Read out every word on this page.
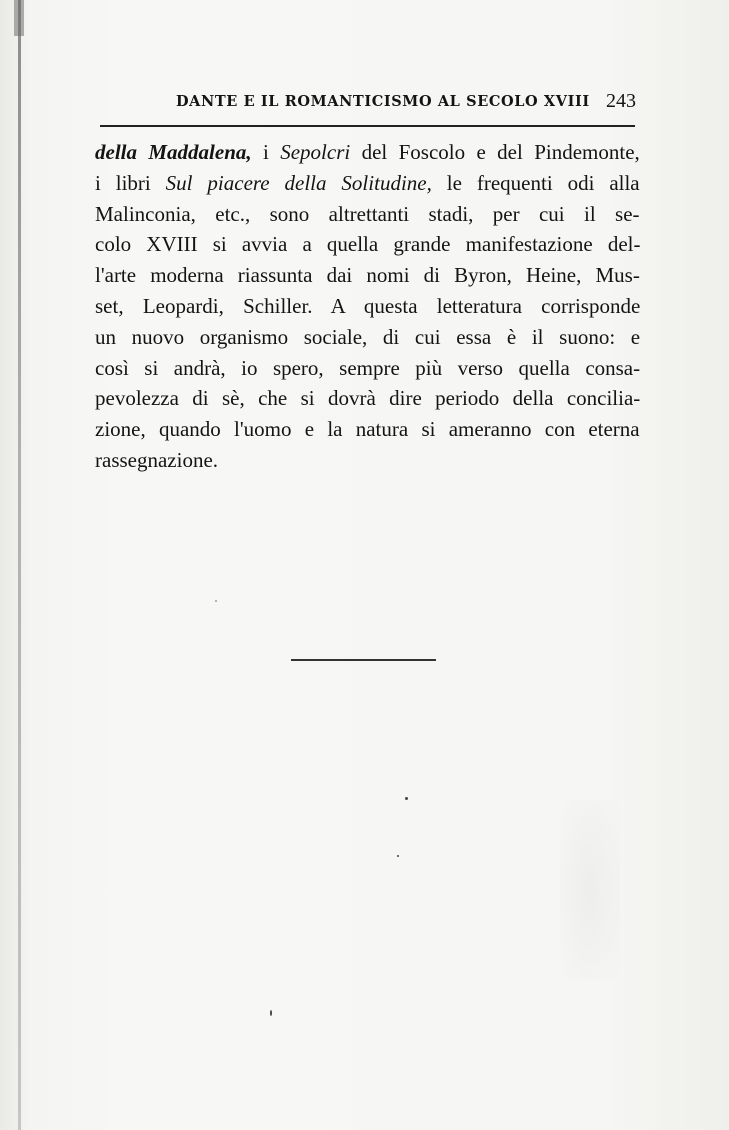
DANTE E IL ROMANTICISMO AL SECOLO XVIII 243
della Maddalena, i Sepolcri del Foscolo e del Pindemonte,
i libri Sul piacere della Solitudine, le frequenti odi alla
Malinconia, etc., sono altrettanti stadi, per cui il se-
colo XVIII si avvia a quella grande manifestazione del-
l'arte moderna riassunta dai nomi di Byron, Heine, Mus-
set, Leopardi, Schiller. A questa letteratura corrisponde
un nuovo organismo sociale, di cui essa è il suono: e
così si andrà, io spero, sempre più verso quella consa-
pevolezza di sè, che si dovrà dire periodo della concilia-
zione, quando l'uomo e la natura si ameranno con eterna
rassegnazione.
